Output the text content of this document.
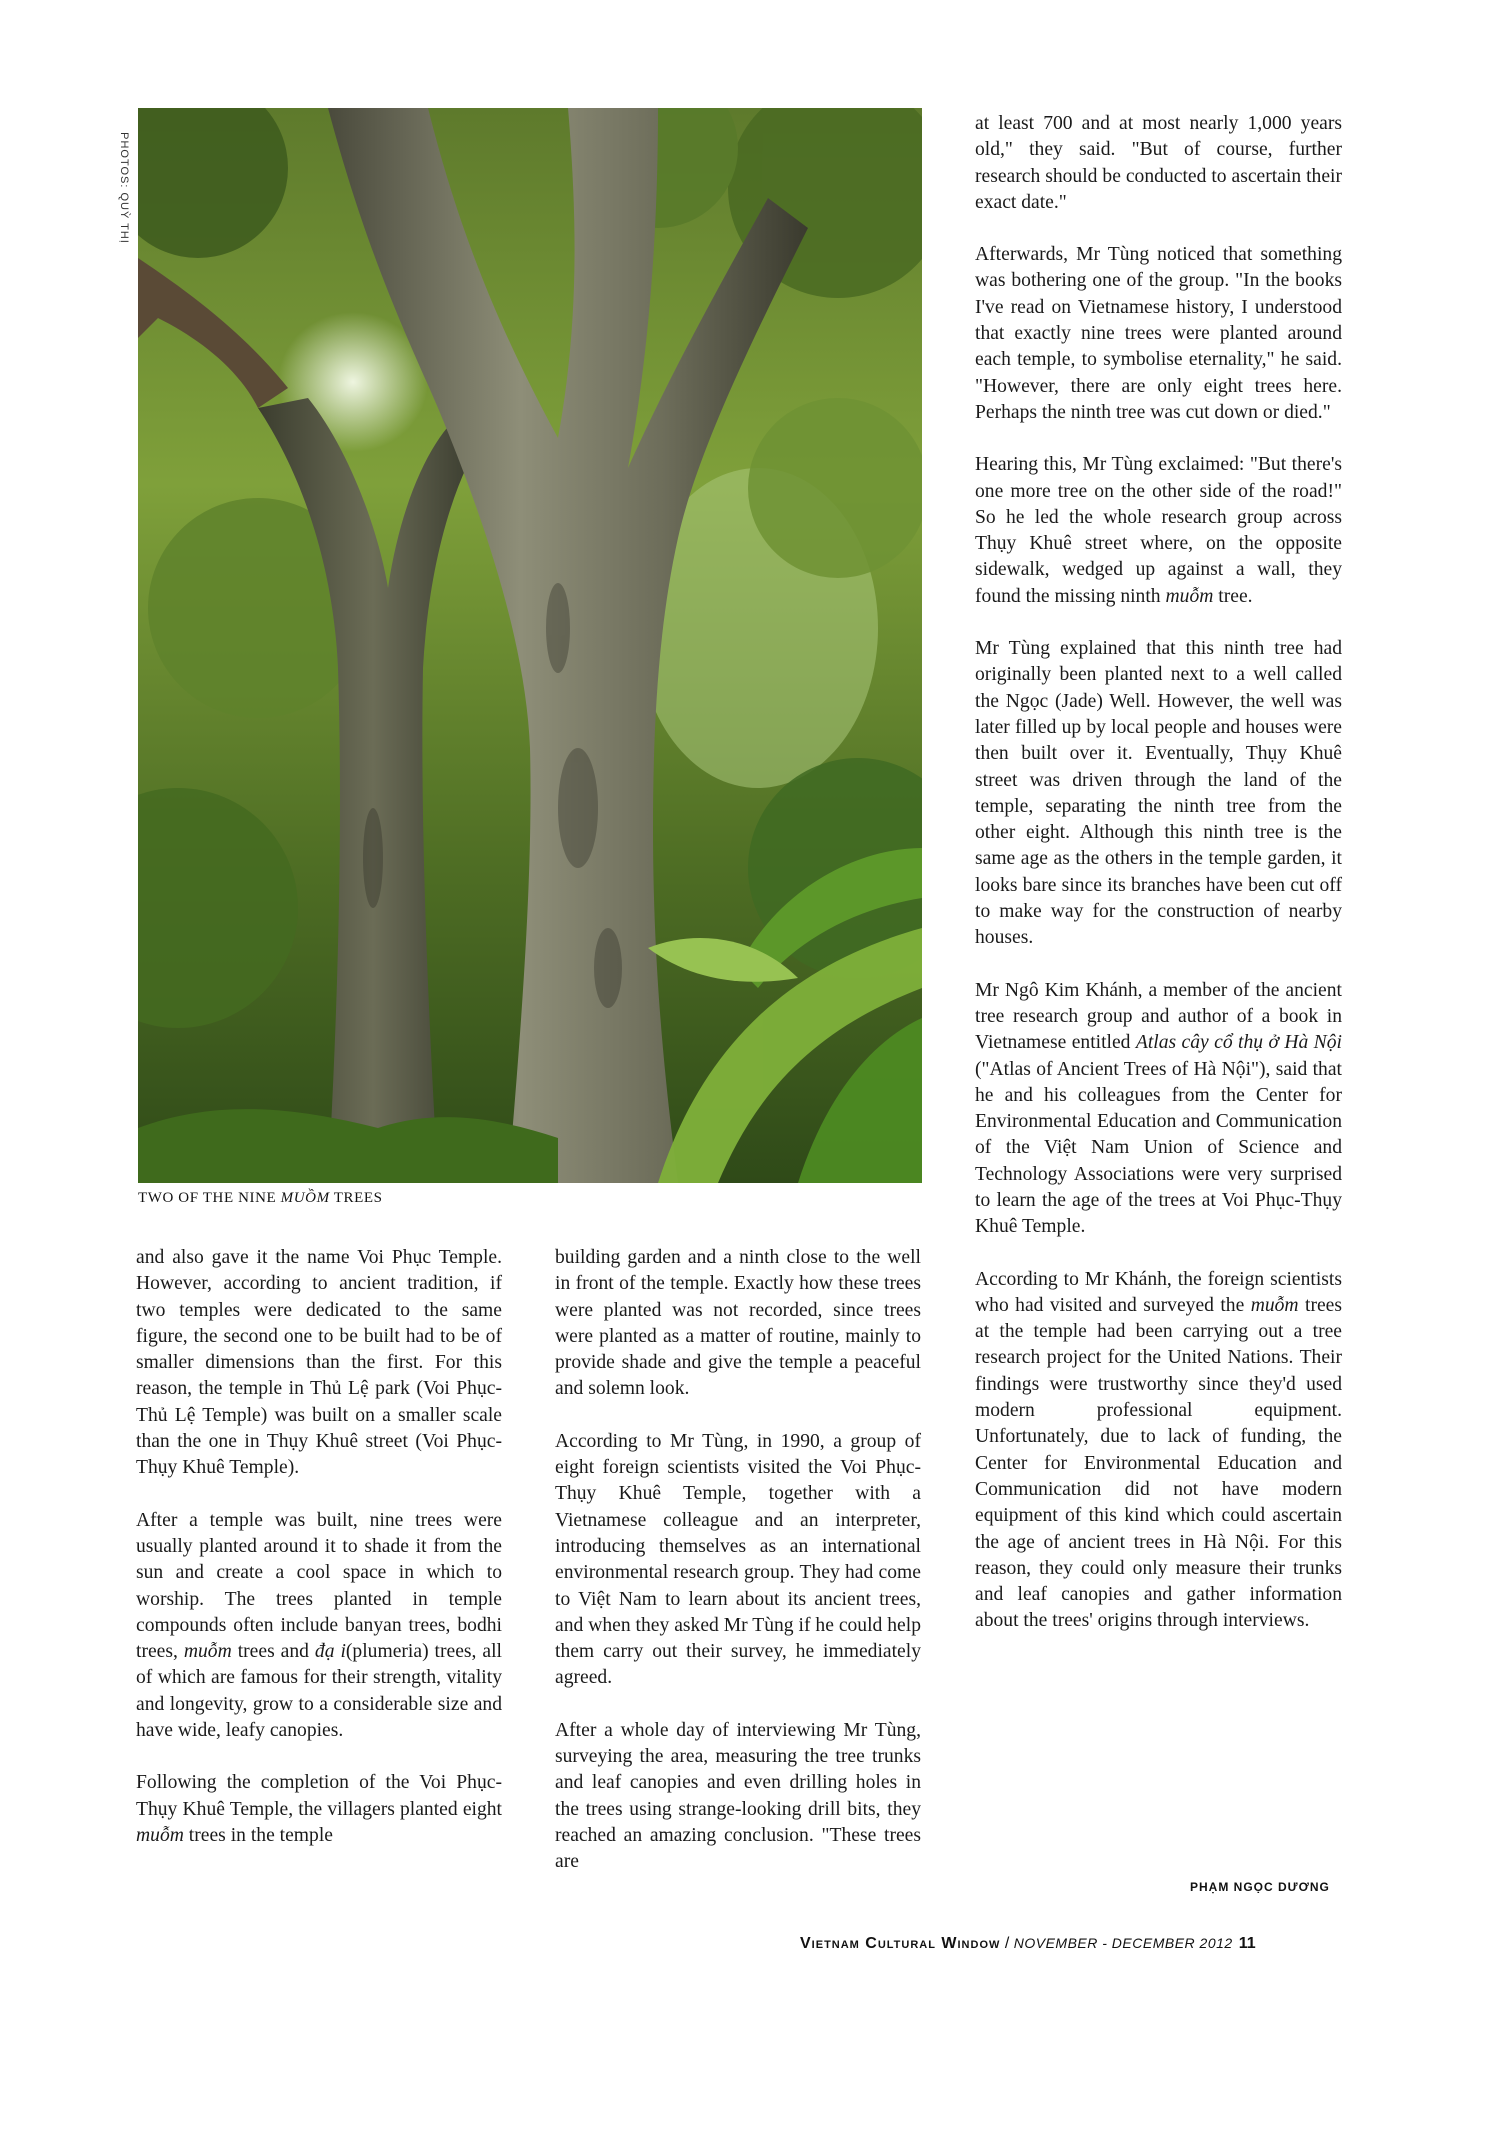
PHOTOS: QUỲ THỊ
TWO OF THE NINE MUỒM TREES

and also gave it the name Voi Phục Temple. However, according to ancient tradition, if two temples were dedicated to the same figure, the second one to be built had to be of smaller dimensions than the first. For this reason, the temple in Thủ Lệ park (Voi Phục-Thủ Lệ Temple) was built on a smaller scale than the one in Thụy Khuê street (Voi Phục-Thụy Khuê Temple).

After a temple was built, nine trees were usually planted around it to shade it from the sun and create a cool space in which to worship. The trees planted in temple compounds often include banyan trees, bodhi trees, muỗm trees and đạ i(plumeria) trees, all of which are famous for their strength, vitality and longevity, grow to a considerable size and have wide, leafy canopies.

Following the completion of the Voi Phục-Thụy Khuê Temple, the villagers planted eight muỗm trees in the temple

building garden and a ninth close to the well in front of the temple. Exactly how these trees were planted was not recorded, since trees were planted as a matter of routine, mainly to provide shade and give the temple a peaceful and solemn look.

According to Mr Tùng, in 1990, a group of eight foreign scientists visited the Voi Phục-Thụy Khuê Temple, together with a Vietnamese colleague and an interpreter, introducing themselves as an international environmental research group. They had come to Việt Nam to learn about its ancient trees, and when they asked Mr Tùng if he could help them carry out their survey, he immediately agreed.

After a whole day of interviewing Mr Tùng, surveying the area, measuring the tree trunks and leaf canopies and even drilling holes in the trees using strange-looking drill bits, they reached an amazing conclusion. "These trees are

at least 700 and at most nearly 1,000 years old," they said. "But of course, further research should be conducted to ascertain their exact date."

Afterwards, Mr Tùng noticed that something was bothering one of the group. "In the books I've read on Vietnamese history, I understood that exactly nine trees were planted around each temple, to symbolise eternality," he said. "However, there are only eight trees here. Perhaps the ninth tree was cut down or died."

Hearing this, Mr Tùng exclaimed: "But there's one more tree on the other side of the road!" So he led the whole research group across Thụy Khuê street where, on the opposite sidewalk, wedged up against a wall, they found the missing ninth muỗm tree.

Mr Tùng explained that this ninth tree had originally been planted next to a well called the Ngọc (Jade) Well. However, the well was later filled up by local people and houses were then built over it. Eventually, Thụy Khuê street was driven through the land of the temple, separating the ninth tree from the other eight. Although this ninth tree is the same age as the others in the temple garden, it looks bare since its branches have been cut off to make way for the construction of nearby houses.

Mr Ngô Kim Khánh, a member of the ancient tree research group and author of a book in Vietnamese entitled Atlas cây cổ thụ ở Hà Nội ("Atlas of Ancient Trees of Hà Nội"), said that he and his colleagues from the Center for Environmental Education and Communication of the Việt Nam Union of Science and Technology Associations were very surprised to learn the age of the trees at Voi Phục-Thụy Khuê Temple.

According to Mr Khánh, the foreign scientists who had visited and surveyed the muỗm trees at the temple had been carrying out a tree research project for the United Nations. Their findings were trustworthy since they'd used modern professional equipment. Unfortunately, due to lack of funding, the Center for Environmental Education and Communication did not have modern equipment of this kind which could ascertain the age of ancient trees in Hà Nội. For this reason, they could only measure their trunks and leaf canopies and gather information about the trees' origins through interviews.

PHẠM NGỌC DƯƠNG
Vietnam Cultural Window / NOVEMBER - DECEMBER 2012 11
